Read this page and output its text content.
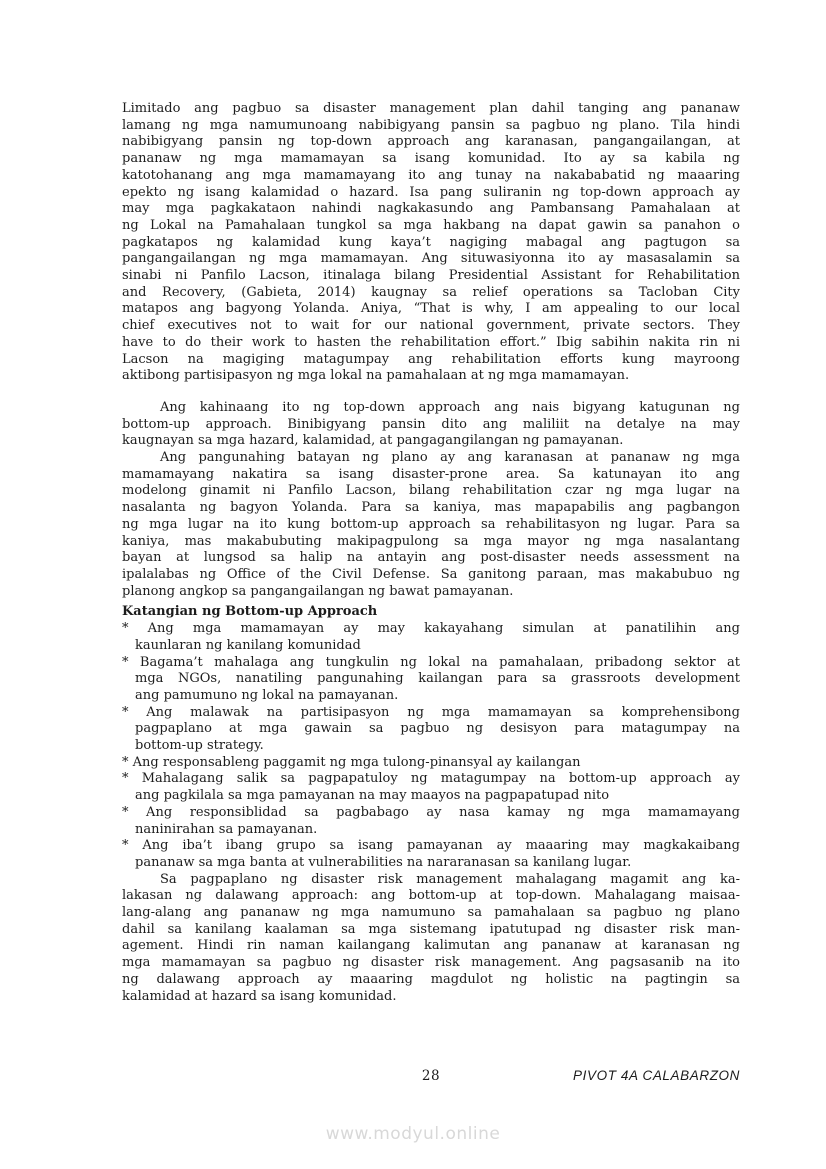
Limitado ang pagbuo sa disaster management plan dahil tanging ang pananaw
lamang ng mga namumunoang nabibigyang pansin sa pagbuo ng plano. Tila hindi
nabibigyang pansin ng top-down approach ang karanasan, pangangailangan, at
pananaw ng mga mamamayan sa isang komunidad. Ito ay sa kabila ng
katotohanang ang mga mamamayang ito ang tunay na nakababatid ng maaaring
epekto ng isang kalamidad o hazard. Isa pang suliranin ng top-down approach ay
may mga pagkakataon nahindi nagkakasundo ang Pambansang Pamahalaan at
ng Lokal na Pamahalaan tungkol sa mga hakbang na dapat gawin sa panahon o
pagkatapos ng kalamidad kung kaya’t nagiging mabagal ang pagtugon sa
pangangailangan ng mga mamamayan. Ang situwasiyonna ito ay masasalamin sa
sinabi ni Panfilo Lacson, itinalaga bilang Presidential Assistant for Rehabilitation
and Recovery, (Gabieta, 2014) kaugnay sa relief operations sa Tacloban City
matapos ang bagyong Yolanda. Aniya, “That is why, I am appealing to our local
chief executives not to wait for our national government, private sectors. They
have to do their work to hasten the rehabilitation effort.” Ibig sabihin nakita rin ni
Lacson na magiging matagumpay ang rehabilitation efforts kung mayroong
aktibong partisipasyon ng mga lokal na pamahalaan at ng mga mamamayan.
Ang kahinaang ito ng top-down approach ang nais bigyang katugunan ng
bottom-up approach. Binibigyang pansin dito ang maliliit na detalye na may
kaugnayan sa mga hazard, kalamidad, at pangagangilangan ng pamayanan.
Ang pangunahing batayan ng plano ay ang karanasan at pananaw ng mga
mamamayang nakatira sa isang disaster-prone area. Sa katunayan ito ang
modelong ginamit ni Panfilo Lacson, bilang rehabilitation czar ng mga lugar na
nasalanta ng bagyon Yolanda. Para sa kaniya, mas mapapabilis ang pagbangon
ng mga lugar na ito kung bottom-up approach sa rehabilitasyon ng lugar. Para sa
kaniya, mas makabubuting makipagpulong sa mga mayor ng mga nasalantang
bayan at lungsod sa halip na antayin ang post-disaster needs assessment na
ipalalabas ng Office of the Civil Defense. Sa ganitong paraan, mas makabubuo ng
planong angkop sa pangangailangan ng bawat pamayanan.
Katangian ng Bottom-up Approach
* Ang mga mamamayan ay may kakayahang simulan at panatilihin ang
kaunlaran ng kanilang komunidad
* Bagama’t mahalaga ang tungkulin ng lokal na pamahalaan, pribadong sektor at
mga NGOs, nanatiling pangunahing kailangan para sa grassroots development
ang pamumuno ng lokal na pamayanan.
* Ang malawak na partisipasyon ng mga mamamayan sa komprehensibong
pagpaplano at mga gawain sa pagbuo ng desisyon para matagumpay na
bottom-up strategy.
* Ang responsableng paggamit ng mga tulong-pinansyal ay kailangan
* Mahalagang salik sa pagpapatuloy ng matagumpay na bottom-up approach ay
ang pagkilala sa mga pamayanan na may maayos na pagpapatupad nito
* Ang responsiblidad sa pagbabago ay nasa kamay ng mga mamamayang
naninirahan sa pamayanan.
* Ang iba’t ibang grupo sa isang pamayanan ay maaaring may magkakaibang
pananaw sa mga banta at vulnerabilities na nararanasan sa kanilang lugar.
Sa pagpaplano ng disaster risk management mahalagang magamit ang ka-
lakasan ng dalawang approach: ang bottom-up at top-down. Mahalagang maisaa-
lang-alang ang pananaw ng mga namumuno sa pamahalaan sa pagbuo ng plano
dahil sa kanilang kaalaman sa mga sistemang ipatutupad ng disaster risk man-
agement. Hindi rin naman kailangang kalimutan ang pananaw at karanasan ng
mga mamamayan sa pagbuo ng disaster risk management. Ang pagsasanib na ito
ng dalawang approach ay maaaring magdulot ng holistic na pagtingin sa
kalamidad at hazard sa isang komunidad.
28	PIVOT 4A CALABARZON
www.modyul.online
